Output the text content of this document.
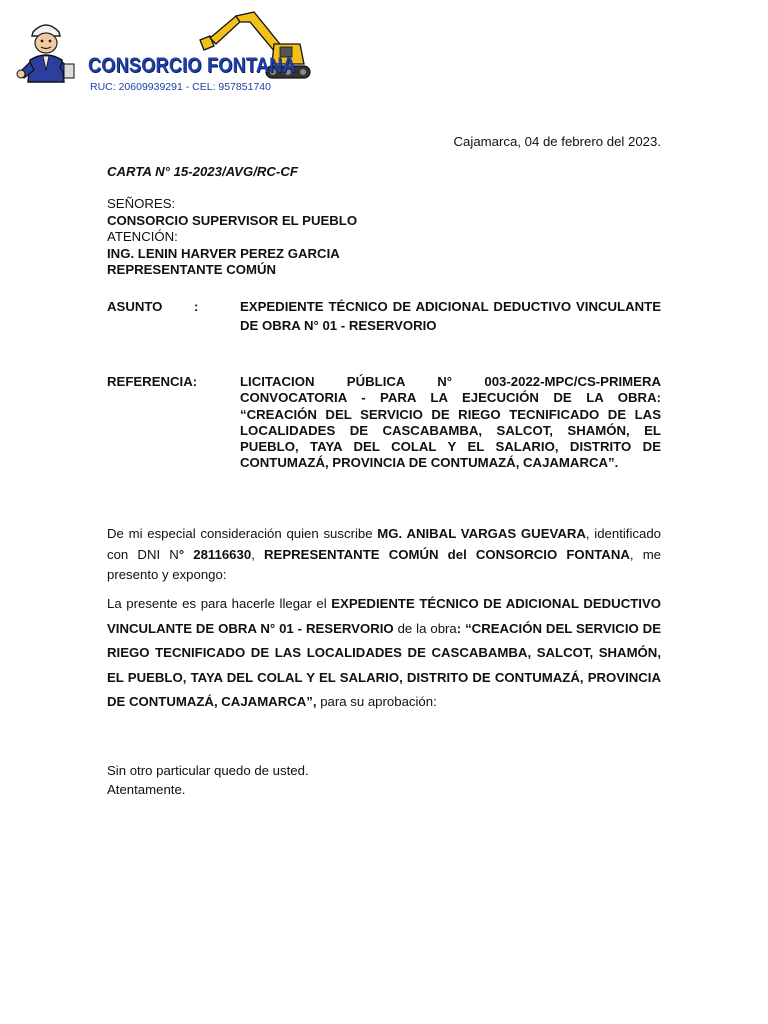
CONSORCIO FONTANA
RUC: 20609939291 - CEL: 957851740
Cajamarca, 04 de febrero del 2023.
CARTA N° 15-2023/AVG/RC-CF
SEÑORES:
CONSORCIO SUPERVISOR EL PUEBLO
ATENCIÓN:
ING. LENIN HARVER PEREZ GARCIA
REPRESENTANTE COMÚN
ASUNTO :	EXPEDIENTE TÉCNICO DE ADICIONAL DEDUCTIVO VINCULANTE DE OBRA N° 01 - RESERVORIO
REFERENCIA:	LICITACION PÚBLICA N° 003-2022-MPC/CS-PRIMERA CONVOCATORIA - PARA LA EJECUCIÓN DE LA OBRA: “CREACIÓN DEL SERVICIO DE RIEGO TECNIFICADO DE LAS LOCALIDADES DE CASCABAMBA, SALCOT, SHAMÓN, EL PUEBLO, TAYA DEL COLAL Y EL SALARIO, DISTRITO DE CONTUMAZÁ, PROVINCIA DE CONTUMAZÁ, CAJAMARCA”.
De mi especial consideración quien suscribe MG. ANIBAL VARGAS GUEVARA, identificado con DNI N° 28116630, REPRESENTANTE COMÚN del CONSORCIO FONTANA, me presento y expongo:
La presente es para hacerle llegar el EXPEDIENTE TÉCNICO DE ADICIONAL DEDUCTIVO VINCULANTE DE OBRA N° 01 - RESERVORIO de la obra: “CREACIÓN DEL SERVICIO DE RIEGO TECNIFICADO DE LAS LOCALIDADES DE CASCABAMBA, SALCOT, SHAMÓN, EL PUEBLO, TAYA DEL COLAL Y EL SALARIO, DISTRITO DE CONTUMAZÁ, PROVINCIA DE CONTUMAZÁ, CAJAMARCA”, para su aprobación:
Sin otro particular quedo de usted.
Atentamente.
